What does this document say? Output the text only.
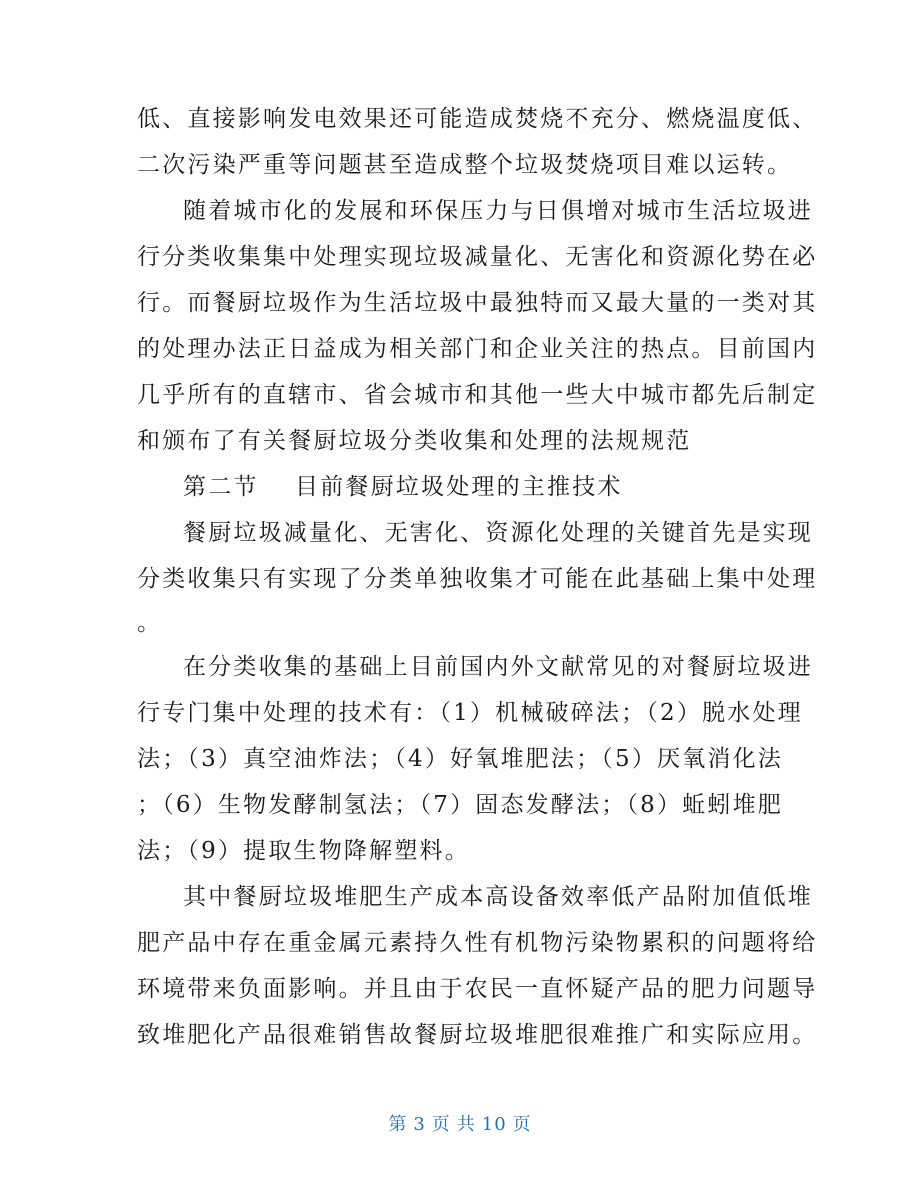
低、直接影响发电效果还可能造成焚烧不充分、燃烧温度低、
二次污染严重等问题甚至造成整个垃圾焚烧项目难以运转。
随着城市化的发展和环保压力与日俱增对城市生活垃圾进
行分类收集集中处理实现垃圾减量化、无害化和资源化势在必
行。而餐厨垃圾作为生活垃圾中最独特而又最大量的一类对其
的处理办法正日益成为相关部门和企业关注的热点。目前国内
几乎所有的直辖市、省会城市和其他一些大中城市都先后制定
和颁布了有关餐厨垃圾分类收集和处理的法规规范
第二节 目前餐厨垃圾处理的主推技术
餐厨垃圾减量化、无害化、资源化处理的关键首先是实现
分类收集只有实现了分类单独收集才可能在此基础上集中处理
。
在分类收集的基础上目前国内外文献常见的对餐厨垃圾进
行专门集中处理的技术有：（1）机械破碎法；（2）脱水处理
法；（3）真空油炸法；（4）好氧堆肥法；（5）厌氧消化法
；（6）生物发酵制氢法；（7）固态发酵法；（8）蚯蚓堆肥
法；（9）提取生物降解塑料。
其中餐厨垃圾堆肥生产成本高设备效率低产品附加值低堆
肥产品中存在重金属元素持久性有机物污染物累积的问题将给
环境带来负面影响。并且由于农民一直怀疑产品的肥力问题导
致堆肥化产品很难销售故餐厨垃圾堆肥很难推广和实际应用。
第 3 页 共 10 页
